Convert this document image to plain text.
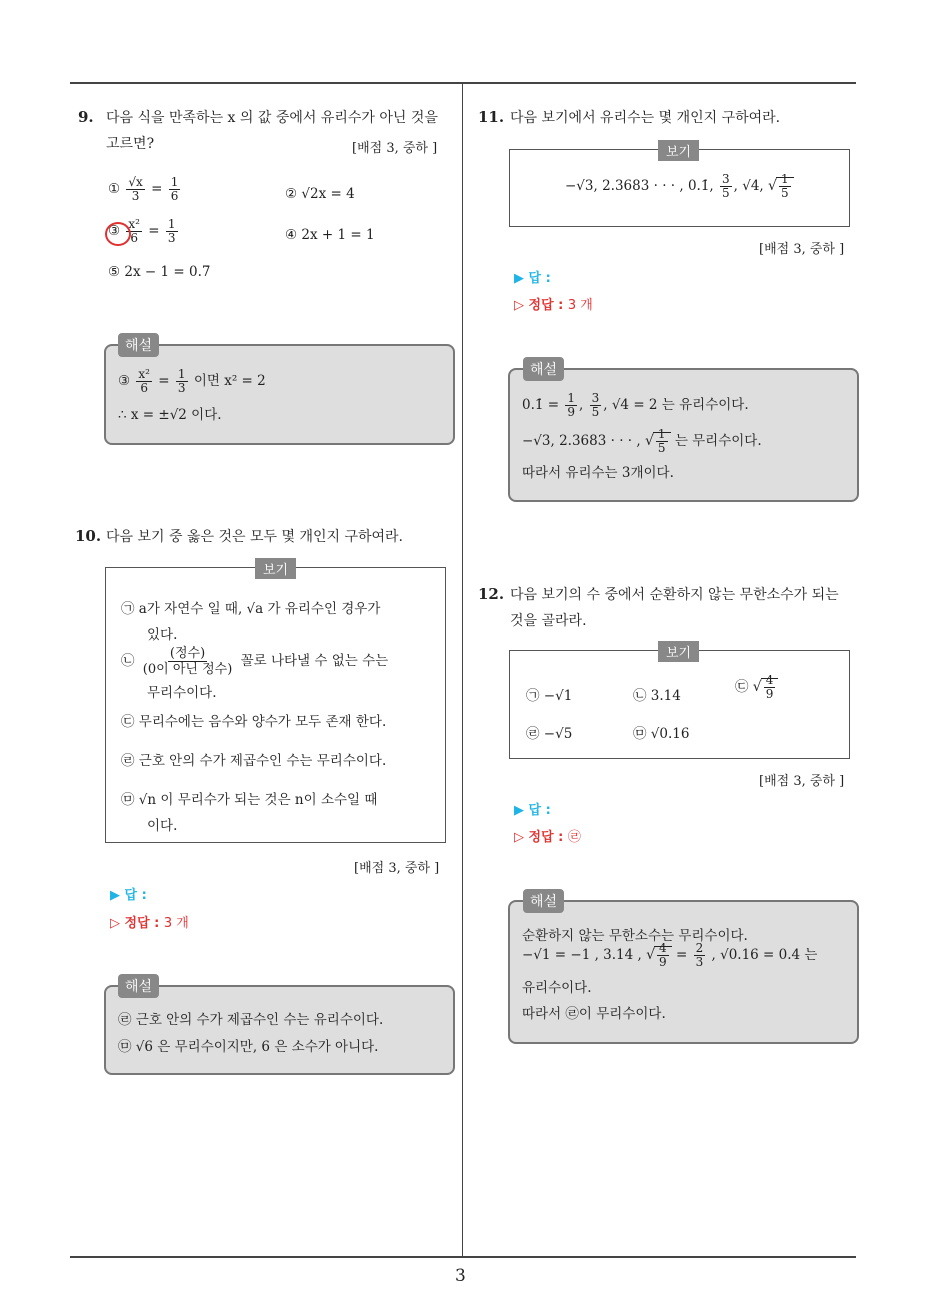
3
9. 다음 식을 만족하는 x 의 값 중에서 유리수가 아닌 것을
고르면?	[배점 3, 중하 ]
① $\frac{√x}{3} = \frac{1}{6}$	② √2x = 4
③ $\frac{\text{x²}}{6} = \frac{1}{3}$	④ 2x + 1 = 1
⑤ 2x − 1 = 0.7̇
해설
③ $\frac{\text{x²}}{6} = \frac{1}{3}$ 이면 x² = 2
∴ x = ±√2 이다.
10. 다음 보기 중 옳은 것은 모두 몇 개인지 구하여라.
보기
㉠ a가 자연수 일 때, √a 가 유리수인 경우가
있다.
㉡ $\frac{\text{(정수)}}{\text{(0이 아닌 정수)}}$ 꼴로 나타낼 수 없는 수는
무리수이다.
㉢ 무리수에는 음수와 양수가 모두 존재 한다.
㉣ 근호 안의 수가 제곱수인 수는 무리수이다.
㉤ √n 이 무리수가 되는 것은 n이 소수일 때
이다.
[배점 3, 중하 ]
▶ 답 :
▷ 정답 : 3 개
해설
㉣ 근호 안의 수가 제곱수인 수는 유리수이다.
㉤ √6 은 무리수이지만, 6 은 소수가 아니다.
11. 다음 보기에서 유리수는 몇 개인지 구하여라.
보기
−√3, 2.3683 · · · , 0.1̇, $\frac{3}{5}$ , √4, √ $\frac{1}{5}$
[배점 3, 중하 ]
▶ 답 :
▷ 정답 : 3 개
해설
0.1̇ = $\frac{1}{9}$ , $\frac{3}{5}$ , √4 = 2 는 유리수이다.
−√3, 2.3683 · · · , √ $\frac{1}{5}$ 는 무리수이다.
따라서 유리수는 3개이다.
12. 다음 보기의 수 중에서 순환하지 않는 무한소수가 되는
것을 골라라.
보기
㉠ −√1	㉡ 3.14
㉢ √ $\frac{4}{9}$
㉣ −√5	㉤ √0.16
[배점 3, 중하 ]
▶ 답 :
▷ 정답 : ㉣
해설
순환하지 않는 무한소수는 무리수이다.
−√1 = −1 , 3.14 , √ $\frac{4}{9} = \frac{2}{3}$ , √0.16 = 0.4 는
유리수이다.
따라서 ㉣이 무리수이다.
